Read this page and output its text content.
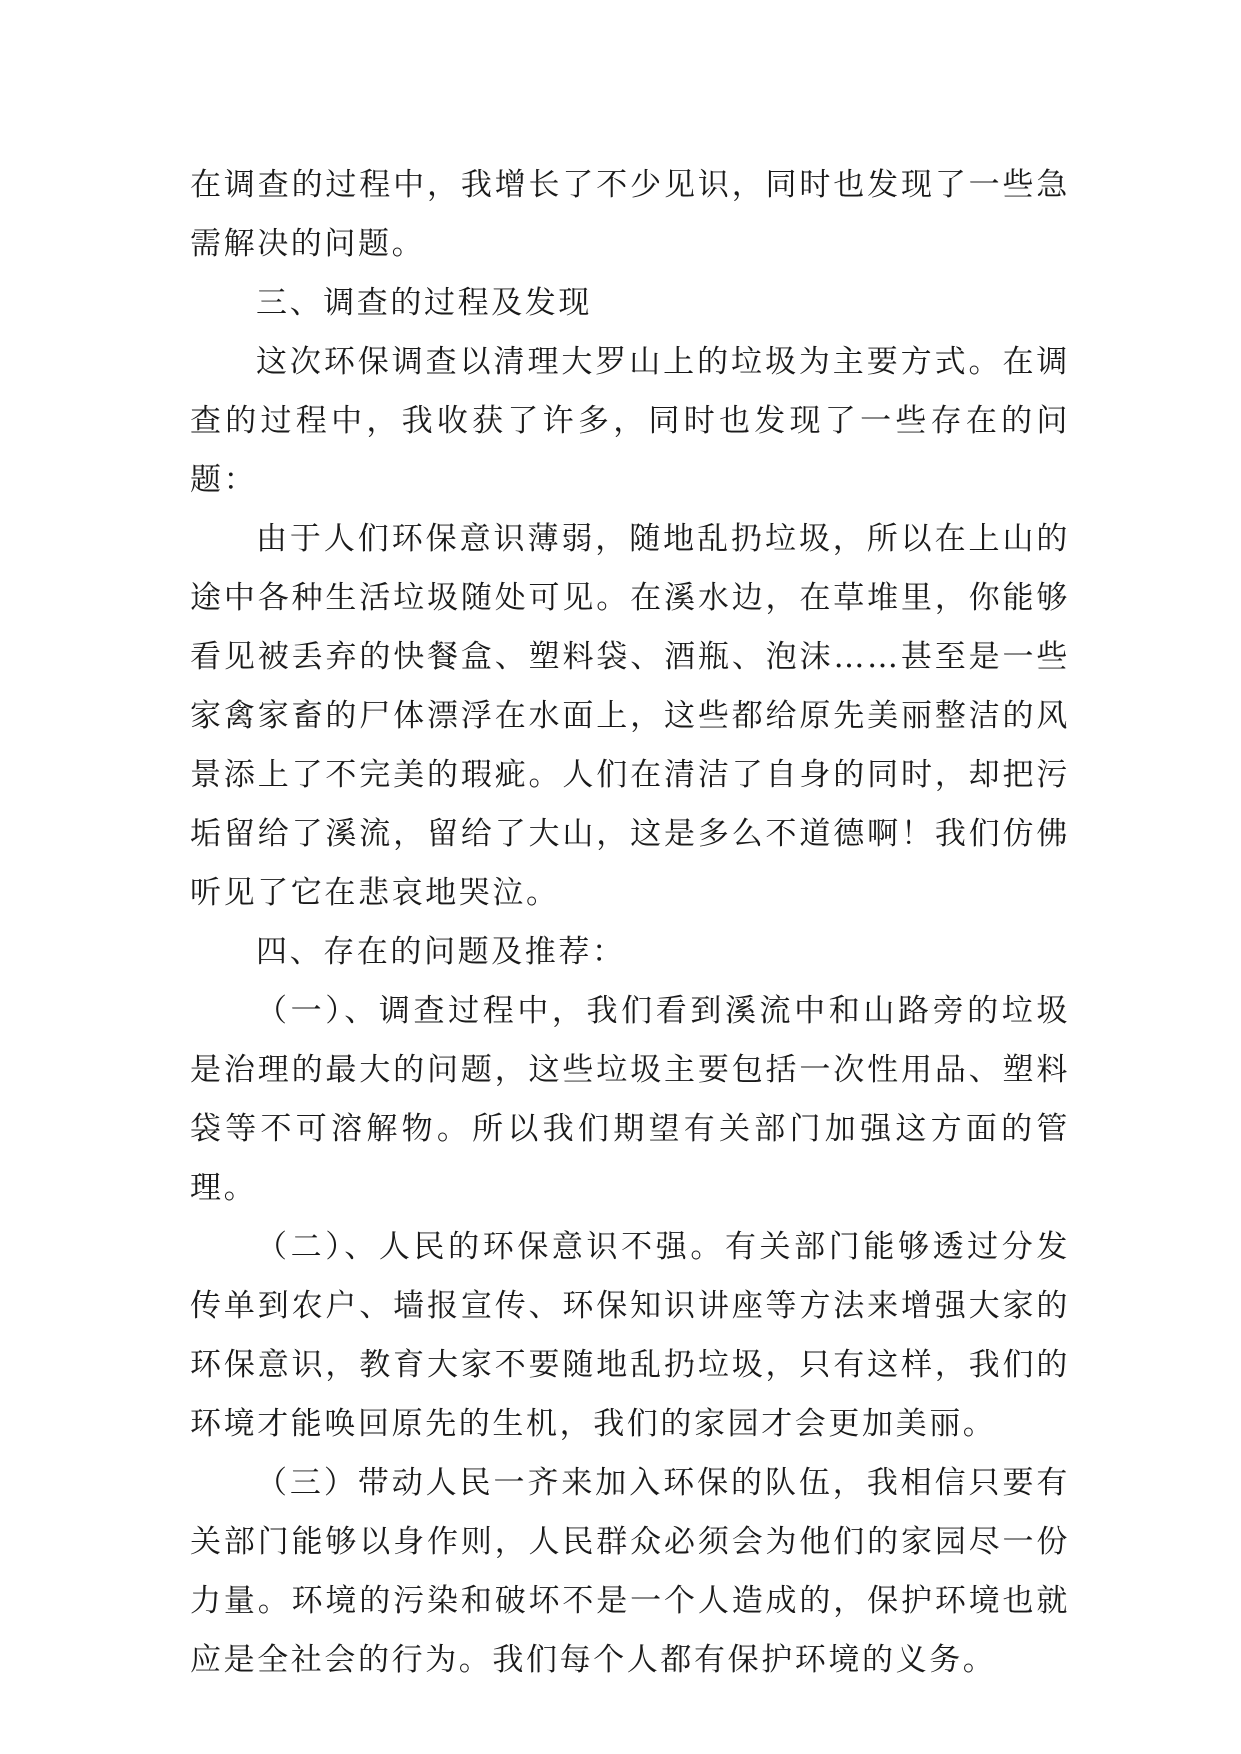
在调查的过程中，我增长了不少见识，同时也发现了一些急需解决的问题。

三、调查的过程及发现

这次环保调查以清理大罗山上的垃圾为主要方式。在调查的过程中，我收获了许多，同时也发现了一些存在的问题：

由于人们环保意识薄弱，随地乱扔垃圾，所以在上山的途中各种生活垃圾随处可见。在溪水边，在草堆里，你能够看见被丢弃的快餐盒、塑料袋、酒瓶、泡沫……甚至是一些家禽家畜的尸体漂浮在水面上，这些都给原先美丽整洁的风景添上了不完美的瑕疵。人们在清洁了自身的同时，却把污垢留给了溪流，留给了大山，这是多么不道德啊！我们仿佛听见了它在悲哀地哭泣。

四、存在的问题及推荐：

（一）、调查过程中，我们看到溪流中和山路旁的垃圾是治理的最大的问题，这些垃圾主要包括一次性用品、塑料袋等不可溶解物。所以我们期望有关部门加强这方面的管理。

（二）、人民的环保意识不强。有关部门能够透过分发传单到农户、墙报宣传、环保知识讲座等方法来增强大家的环保意识，教育大家不要随地乱扔垃圾，只有这样，我们的环境才能唤回原先的生机，我们的家园才会更加美丽。

（三）带动人民一齐来加入环保的队伍，我相信只要有关部门能够以身作则，人民群众必须会为他们的家园尽一份力量。环境的污染和破坏不是一个人造成的，保护环境也就应是全社会的行为。我们每个人都有保护环境的义务。
